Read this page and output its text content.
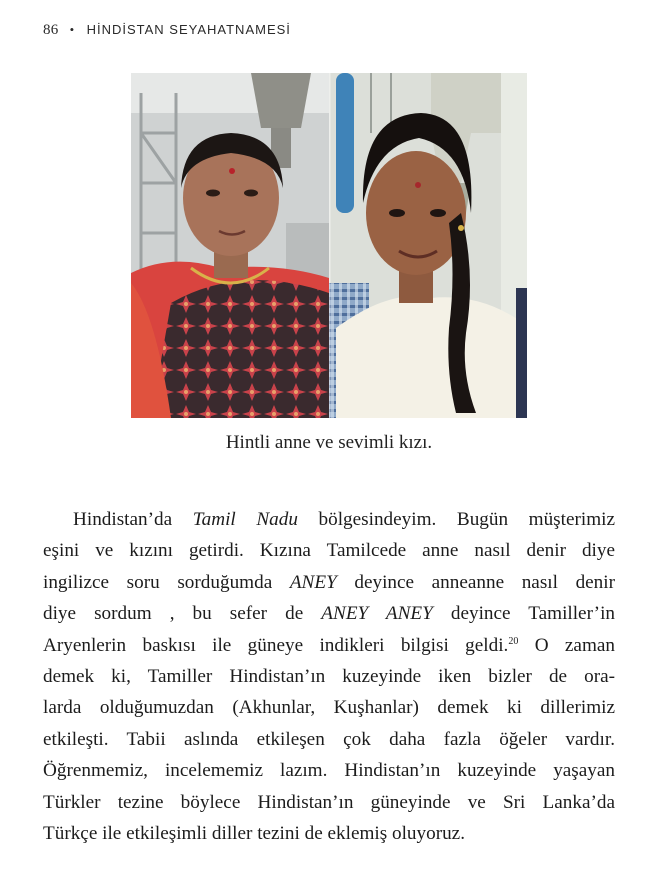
86 • HİNDİSTAN SEYAHATNAMESİ
Hintli anne ve sevimli kızı.
Hindistan’da Tamil Nadu bölgesindeyim. Bugün müşterimiz
eşini ve kızını getirdi. Kızına Tamilcede anne nasıl denir diye
ingilizce soru sorduğumda ANEY deyince anneanne nasıl denir
diye sordum , bu sefer de ANEY ANEY deyince Tamiller’in
Aryenlerin baskısı ile güneye indikleri bilgisi geldi.$^{20}$ O zaman
demek ki, Tamiller Hindistan’ın kuzeyinde iken bizler de ora-
larda olduğumuzdan (Akhunlar, Kuşhanlar) demek ki dillerimiz
etkileşti. Tabii aslında etkileşen çok daha fazla öğeler vardır.
Öğrenmemiz, incelememiz lazım. Hindistan’ın kuzeyinde yaşayan
Türkler tezine böylece Hindistan’ın güneyinde ve Sri Lanka’da
Türkçe ile etkileşimli diller tezini de eklemiş oluyoruz.
